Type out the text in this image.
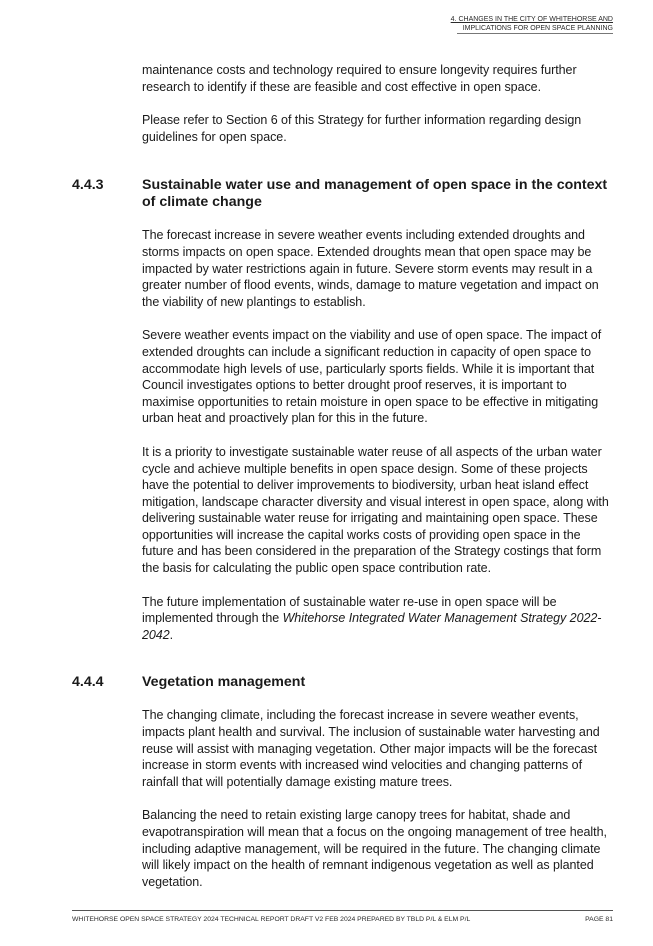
4. CHANGES IN THE CITY OF WHITEHORSE AND
IMPLICATIONS FOR OPEN SPACE PLANNING

maintenance costs and technology required to ensure longevity requires further research to identify if these are feasible and cost effective in open space.

Please refer to Section 6 of this Strategy for further information regarding design guidelines for open space.

4.4.3	Sustainable water use and management of open space in the context of climate change

The forecast increase in severe weather events including extended droughts and storms impacts on open space. Extended droughts mean that open space may be impacted by water restrictions again in future. Severe storm events may result in a greater number of flood events, winds, damage to mature vegetation and impact on the viability of new plantings to establish.

Severe weather events impact on the viability and use of open space. The impact of extended droughts can include a significant reduction in capacity of open space to accommodate high levels of use, particularly sports fields. While it is important that Council investigates options to better drought proof reserves, it is important to maximise opportunities to retain moisture in open space to be effective in mitigating urban heat and proactively plan for this in the future.

It is a priority to investigate sustainable water reuse of all aspects of the urban water cycle and achieve multiple benefits in open space design. Some of these projects have the potential to deliver improvements to biodiversity, urban heat island effect mitigation, landscape character diversity and visual interest in open space, along with delivering sustainable water reuse for irrigating and maintaining open space. These opportunities will increase the capital works costs of providing open space in the future and has been considered in the preparation of the Strategy costings that form the basis for calculating the public open space contribution rate.

The future implementation of sustainable water re-use in open space will be implemented through the Whitehorse Integrated Water Management Strategy 2022-2042.

4.4.4	Vegetation management

The changing climate, including the forecast increase in severe weather events, impacts plant health and survival. The inclusion of sustainable water harvesting and reuse will assist with managing vegetation. Other major impacts will be the forecast increase in storm events with increased wind velocities and changing patterns of rainfall that will potentially damage existing mature trees.

Balancing the need to retain existing large canopy trees for habitat, shade and evapotranspiration will mean that a focus on the ongoing management of tree health, including adaptive management, will be required in the future. The changing climate will likely impact on the health of remnant indigenous vegetation as well as planted vegetation.

WHITEHORSE OPEN SPACE STRATEGY 2024 TECHNICAL REPORT DRAFT V2 FEB 2024 PREPARED BY TBLD P/L & ELM P/L	PAGE 81
